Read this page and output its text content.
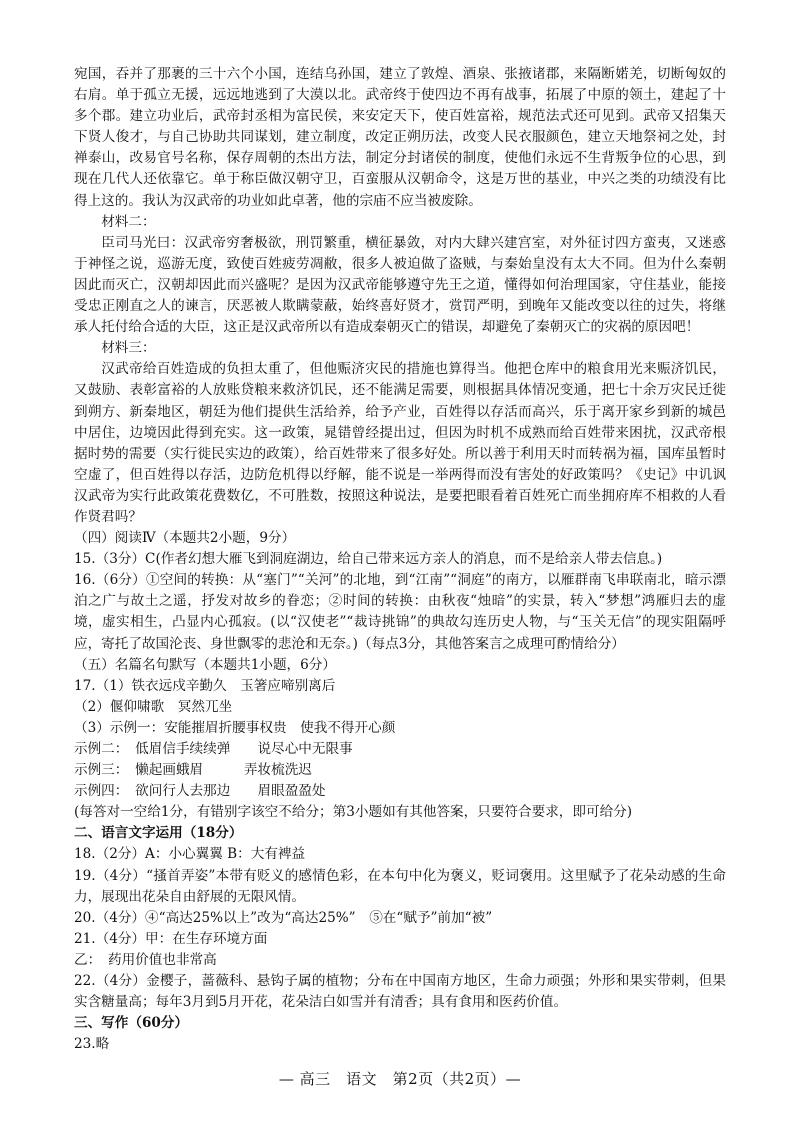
宛国，吞并了那裹的三十六个小国，连结乌孙国，建立了敦煌、酒泉、张掖诸郡，来隔断婼羌，切断匈奴的右肩。单于孤立无援，远远地逃到了大漠以北。武帝终于使四边不再有战事，拓展了中原的领土，建起了十多个郡。建立功业后，武帝封丞相为富民侯，来安定天下，使百姓富裕，规范法式还可见到。武帝又招集天下贤人俊才，与自己协助共同谋划，建立制度，改定正朔历法，改变人民衣服颜色，建立天地祭祠之处，封禅泰山，改易官号名称，保存周朝的杰出方法，制定分封诸侯的制度，使他们永远不生背叛争位的心思，到现在几代人还依靠它。单于称臣做汉朝守卫，百蛮服从汉朝命令，这是万世的基业，中兴之类的功绩没有比得上这的。我认为汉武帝的功业如此卓著，他的宗庙不应当被废除。

材料二：

臣司马光曰：汉武帝穷奢极欲，刑罚繁重，横征暴敛，对内大肆兴建宫室，对外征讨四方蛮夷，又迷惑于神怪之说，巡游无度，致使百姓疲劳凋敝，很多人被迫做了盗贼，与秦始皇没有太大不同。但为什么秦朝因此而灭亡，汉朝却因此而兴盛呢？是因为汉武帝能够遵守先王之道，懂得如何治理国家，守住基业，能接受忠正刚直之人的谏言，厌恶被人欺瞒蒙蔽，始终喜好贤才，赏罚严明，到晚年又能改变以往的过失，将继承人托付给合适的大臣，这正是汉武帝所以有造成秦朝灭亡的错误，却避免了秦朝灭亡的灾祸的原因吧！

材料三：

汉武帝给百姓造成的负担太重了，但他赈济灾民的措施也算得当。他把仓库中的粮食用光来赈济饥民，又鼓励、表彰富裕的人放账贷粮来救济饥民，还不能满足需要，则根据具体情况变通，把七十余万灾民迁徙到朔方、新秦地区，朝廷为他们提供生活给养，给予产业，百姓得以存活而高兴，乐于离开家乡到新的城邑中居住，边境因此得到充实。这一政策，晁错曾经提出过，但因为时机不成熟而给百姓带来困扰，汉武帝根据时势的需要（实行徙民实边的政策），给百姓带来了很多好处。所以善于利用天时而转祸为福，国库虽暂时空虚了，但百姓得以存活，边防危机得以纾解，能不说是一举两得而没有害处的好政策吗？《史记》中讥讽汉武帝为实行此政策花费数亿，不可胜数，按照这种说法，是要把眼看着百姓死亡而坐拥府库不相救的人看作贤君吗？

（四）阅读Ⅳ（本题共2小题，9分）

15.（3分）C(作者幻想大雁飞到洞庭湖边，给自己带来远方亲人的消息，而不是给亲人带去信息。)

16.（6分）①空间的转换：从“塞门”“关河”的北地，到“江南”“洞庭”的南方，以雁群南飞串联南北，暗示漂泊之广与故土之遥，抒发对故乡的眷恋；②时间的转换：由秋夜“烛暗”的实景，转入“梦想”鸿雁归去的虚境，虚实相生，凸显内心孤寂。(以“汉使老”“裁诗挑锦”的典故勾连历史人物，与“玉关无信”的现实阻隔呼应，寄托了故国沦丧、身世飘零的悲沧和无奈。)（每点3分，其他答案言之成理可酌情给分）

（五）名篇名句默写（本题共1小题，6分）

17.（1）铁衣远戍辛勤久　玉箸应啼别离后

（2）偃仰啸歌　冥然兀坐

（3）示例一：安能摧眉折腰事权贵　使我不得开心颜

示例二：　低眉信手续续弹　　说尽心中无限事

示例三：　懒起画蛾眉　　　弄妆梳洗迟

示例四：　欲问行人去那边　　眉眼盈盈处

(每答对一空给1分，有错别字该空不给分；第3小题如有其他答案，只要符合要求，即可给分)

二、语言文字运用（18分）

18.（2分）A：小心翼翼 B：大有裨益

19.（4分）“搔首弄姿”本带有贬义的感情色彩，在本句中化为褒义，贬词褒用。这里赋予了花朵动感的生命力，展现出花朵自由舒展的无限风情。

20.（4分）④“高达25%以上”改为“高达25%”　⑤在“赋予”前加“被”

21.（4分）甲：在生存环境方面

乙：　药用价值也非常高

22.（4分）金樱子，蔷薇科、悬钩子属的植物；分布在中国南方地区，生命力顽强；外形和果实带刺，但果实含糖量高；每年3月到5月开花，花朵洁白如雪并有清香；具有食用和医药价值。

三、写作（60分）

23.略

— 高三　语文　第2页（共2页）—
